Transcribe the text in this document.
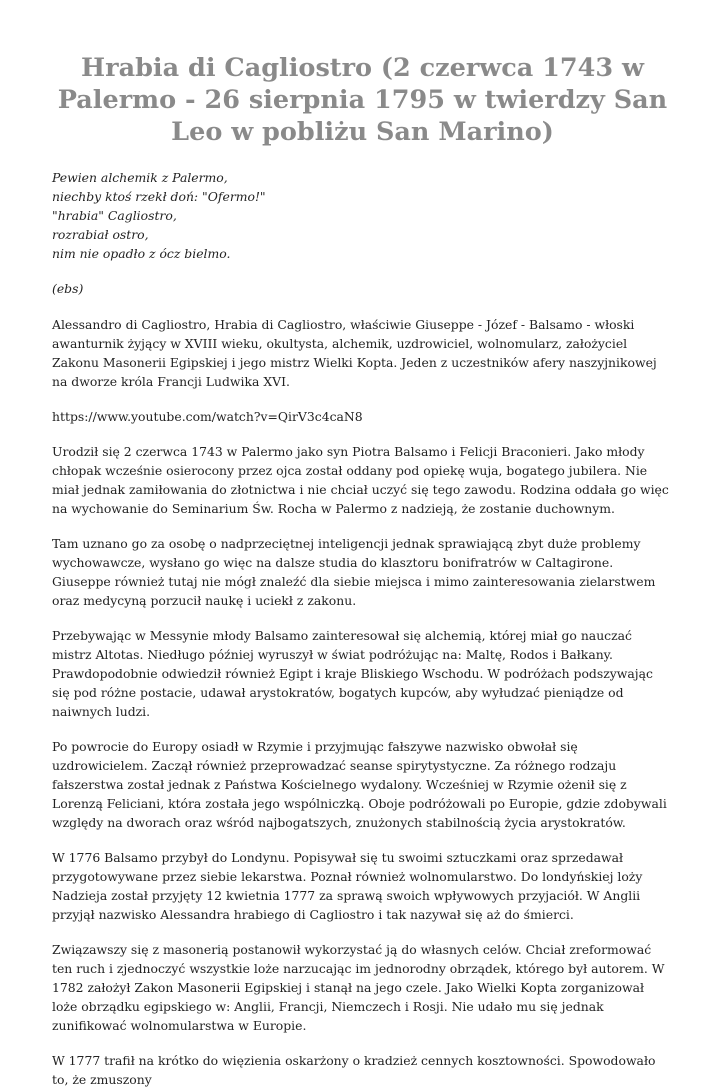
Hrabia di Cagliostro (2 czerwca 1743 w Palermo - 26 sierpnia 1795 w twierdzy San Leo w pobliżu San Marino)
Pewien alchemik z Palermo,
niechby ktoś rzekł doń: "Ofermo!"
"hrabia" Cagliostro,
rozrabiał ostro,
nim nie opadło z ócz bielmo.

(ebs)

Alessandro di Cagliostro, Hrabia di Cagliostro, właściwie Giuseppe - Józef - Balsamo - włoski awanturnik żyjący w XVIII wieku, okultysta, alchemik, uzdrowiciel, wolnomularz, założyciel Zakonu Masonerii Egipskiej i jego mistrz Wielki Kopta. Jeden z uczestników afery naszyjnikowej na dworze króla Francji Ludwika XVI.

https://www.youtube.com/watch?v=QirV3c4caN8

Urodził się 2 czerwca 1743 w Palermo jako syn Piotra Balsamo i Felicji Braconieri. Jako młody chłopak wcześnie osierocony przez ojca został oddany pod opiekę wuja, bogatego jubilera. Nie miał jednak zamiłowania do złotnictwa i nie chciał uczyć się tego zawodu. Rodzina oddała go więc na wychowanie do Seminarium Św. Rocha w Palermo z nadzieją, że zostanie duchownym.

Tam uznano go za osobę o nadprzeciętnej inteligencji jednak sprawiającą zbyt duże problemy wychowawcze, wysłano go więc na dalsze studia do klasztoru bonifratrów w Caltagirone. Giuseppe również tutaj nie mógł znaleźć dla siebie miejsca i mimo zainteresowania zielarstwem oraz medycyną porzucił naukę i uciekł z zakonu.

Przebywając w Messynie młody Balsamo zainteresował się alchemią, której miał go nauczać mistrz Altotas. Niedługo później wyruszył w świat podróżując na: Maltę, Rodos i Bałkany. Prawdopodobnie odwiedził również Egipt i kraje Bliskiego Wschodu. W podróżach podszywając się pod różne postacie, udawał arystokratów, bogatych kupców, aby wyłudzać pieniądze od naiwnych ludzi.

Po powrocie do Europy osiadł w Rzymie i przyjmując fałszywe nazwisko obwołał się uzdrowicielem. Zaczął również przeprowadzać seanse spirytystyczne. Za różnego rodzaju fałszerstwa został jednak z Państwa Kościelnego wydalony. Wcześniej w Rzymie ożenił się z Lorenzą Feliciani, która została jego wspólniczką. Oboje podróżowali po Europie, gdzie zdobywali względy na dworach oraz wśród najbogatszych, znużonych stabilnością życia arystokratów.

W 1776 Balsamo przybył do Londynu. Popisywał się tu swoimi sztuczkami oraz sprzedawał przygotowywane przez siebie lekarstwa. Poznał również wolnomularstwo. Do londyńskiej loży Nadzieja został przyjęty 12 kwietnia 1777 za sprawą swoich wpływowych przyjaciół. W Anglii przyjął nazwisko Alessandra hrabiego di Cagliostro i tak nazywał się aż do śmierci.

Związawszy się z masonerią postanowił wykorzystać ją do własnych celów. Chciał zreformować ten ruch i zjednoczyć wszystkie loże narzucając im jednorodny obrządek, którego był autorem. W 1782 założył Zakon Masonerii Egipskiej i stanął na jego czele. Jako Wielki Kopta zorganizował loże obrządku egipskiego w: Anglii, Francji, Niemczech i Rosji. Nie udało mu się jednak zunifikować wolnomularstwa w Europie.

W 1777 trafił na krótko do więzienia oskarżony o kradzież cennych kosztowności. Spowodowało to, że zmuszony
